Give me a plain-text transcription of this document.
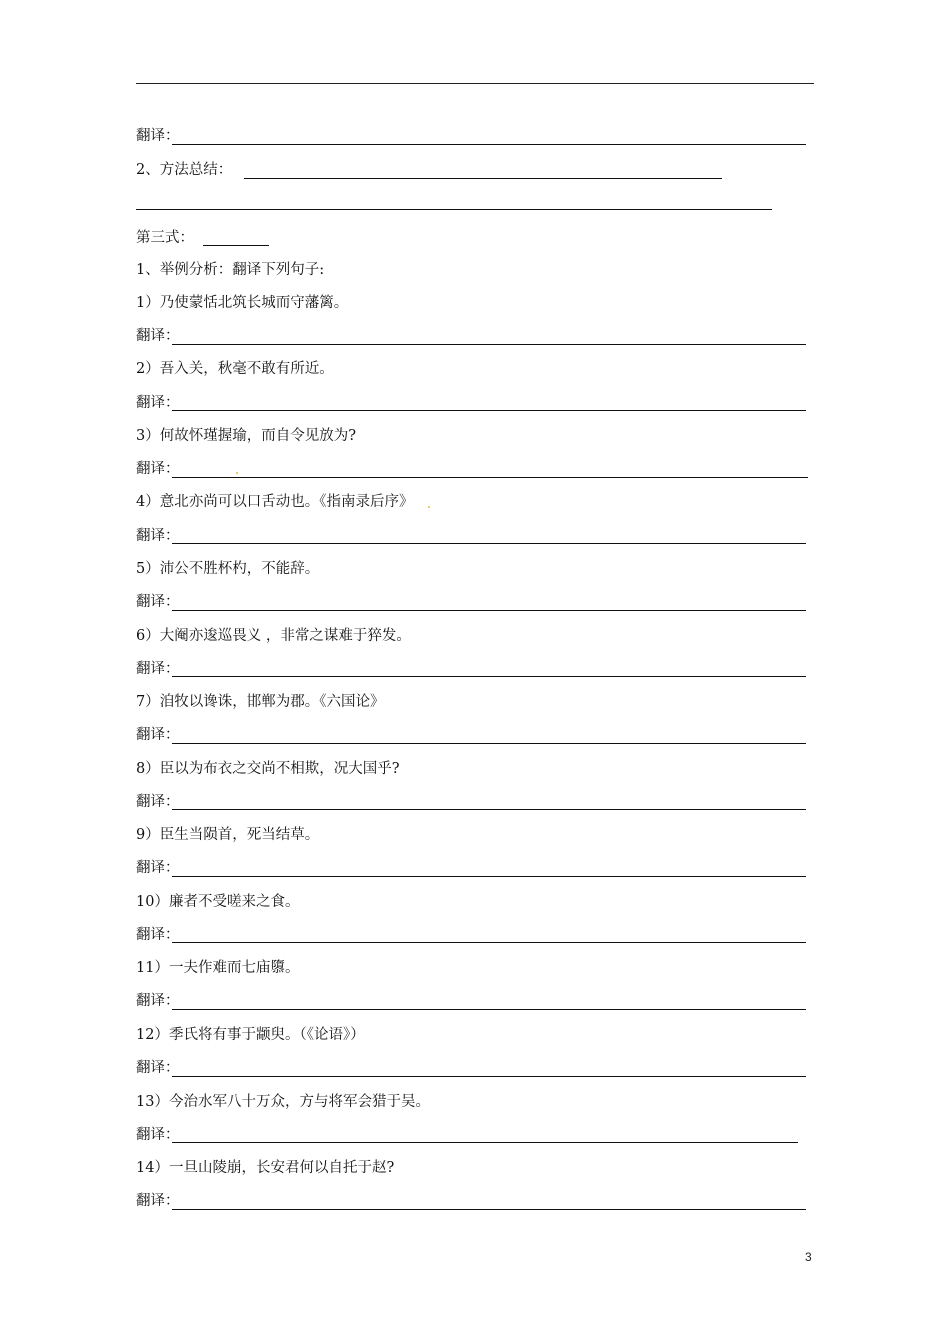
翻译：
2、方法总结：
第三式：
1、举例分析：翻译下列句子:
1）乃使蒙恬北筑长城而守藩篱。
翻译：
2）吾入关，秋毫不敢有所近。
翻译：
3）何故怀瑾握瑜，而自令见放为?
翻译：
4）意北亦尚可以口舌动也。《指南录后序》
翻译：
5）沛公不胜杯杓，不能辞。
翻译：
6）大阉亦逡巡畏义 ，非常之谋难于猝发。
翻译：
7）洎牧以谗诛，邯郸为郡。《六国论》
翻译：
8）臣以为布衣之交尚不相欺，况大国乎?
翻译：
9）臣生当陨首，死当结草。
翻译：
10）廉者不受嗟来之食。
翻译：
11）一夫作难而七庙隳。
翻译：
12）季氏将有事于颛臾。（《论语》）
翻译：
13）今治水军八十万众，方与将军会猎于吴。
翻译：
14）一旦山陵崩，长安君何以自托于赵?
翻译：
3
